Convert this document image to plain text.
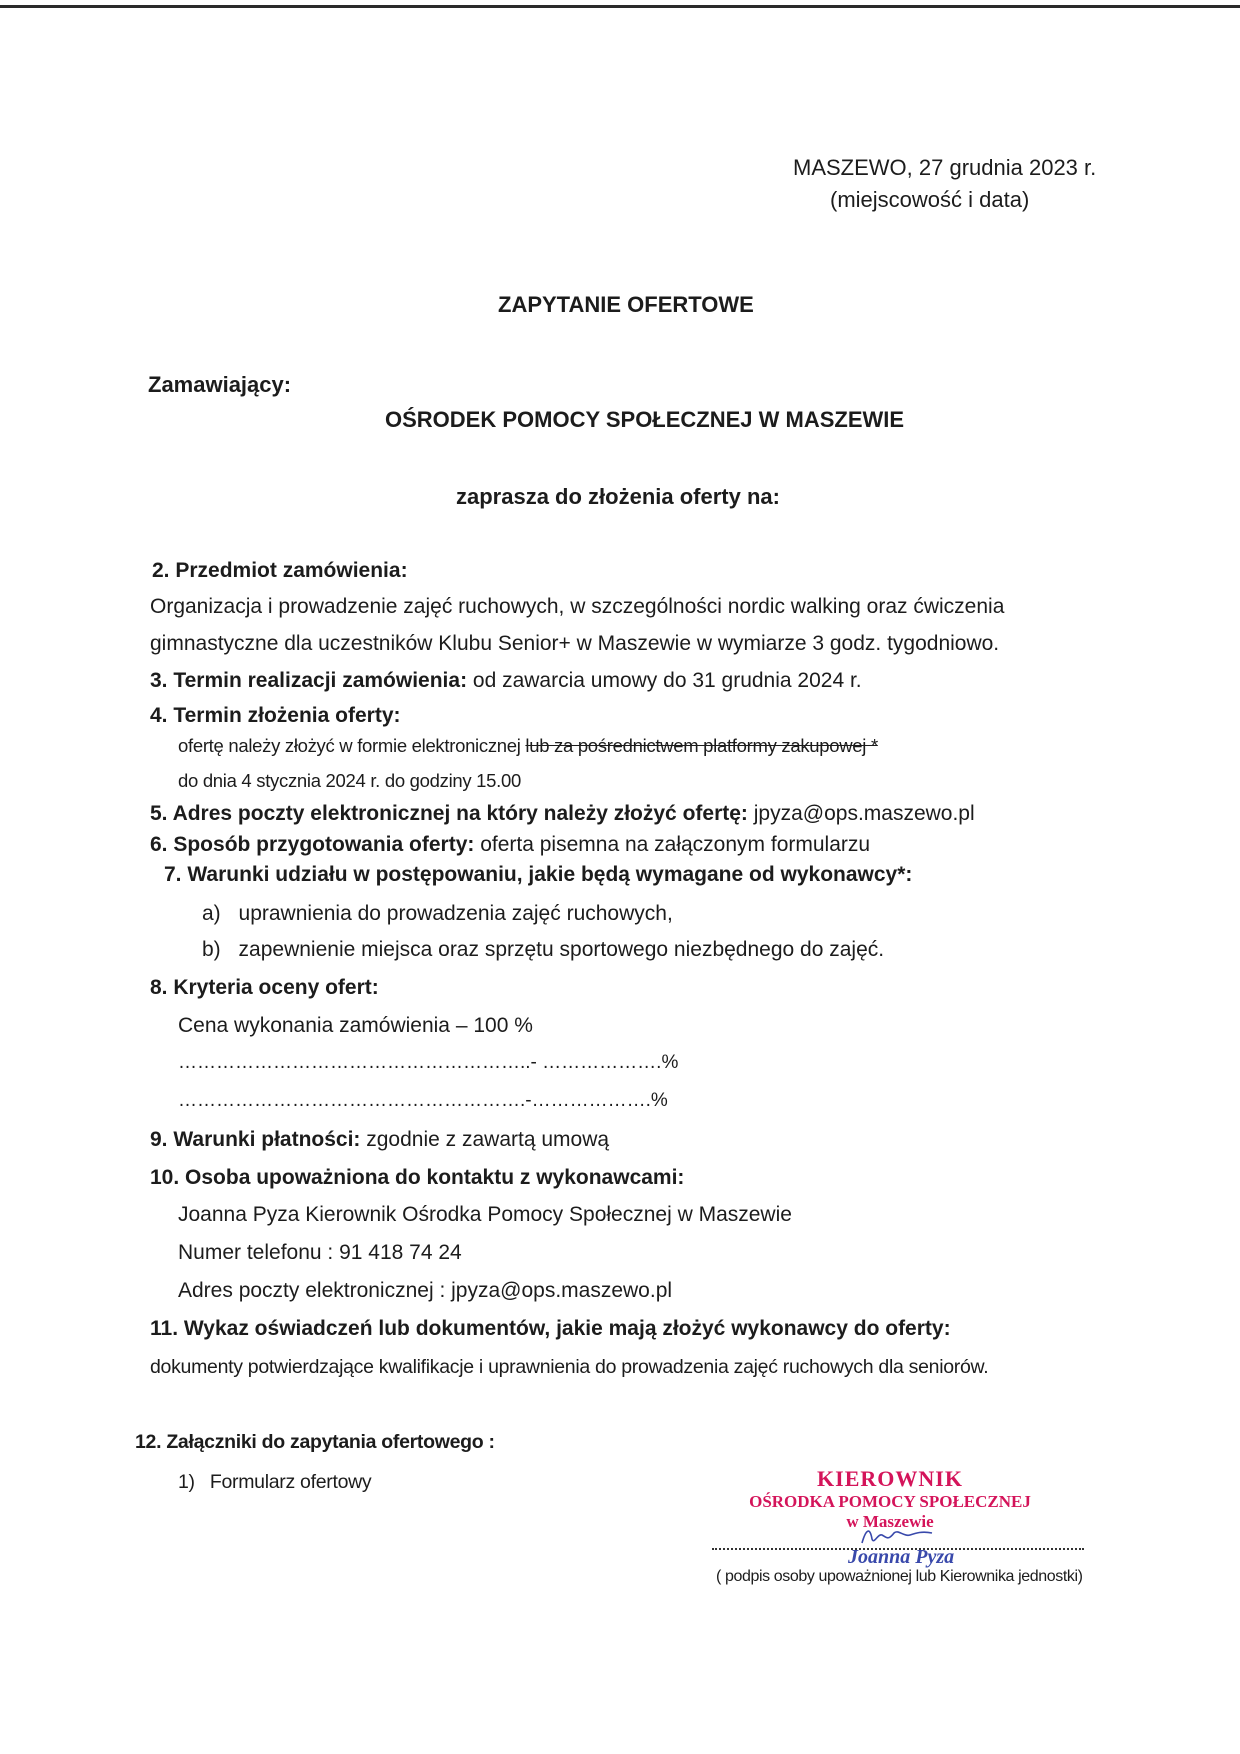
MASZEWO, 27 grudnia 2023 r.
(miejscowość i data)
ZAPYTANIE OFERTOWE
Zamawiający:
OŚRODEK POMOCY SPOŁECZNEJ W MASZEWIE
zaprasza do złożenia oferty na:
2. Przedmiot zamówienia:
Organizacja i prowadzenie zajęć ruchowych, w szczególności nordic walking oraz ćwiczenia
gimnastyczne dla uczestników Klubu Senior+ w Maszewie w wymiarze 3 godz. tygodniowo.
3. Termin realizacji zamówienia: od zawarcia umowy do 31 grudnia 2024 r.
4. Termin złożenia oferty:
ofertę należy złożyć w formie elektronicznej lub za pośrednictwem platformy zakupowej *
do dnia 4 stycznia 2024 r. do godziny 15.00
5. Adres poczty elektronicznej na który należy złożyć ofertę: jpyza@ops.maszewo.pl
6. Sposób przygotowania oferty: oferta pisemna na załączonym formularzu
7. Warunki udziału w postępowaniu, jakie będą wymagane od wykonawcy*:
a) uprawnienia do prowadzenia zajęć ruchowych,
b) zapewnienie miejsca oraz sprzętu sportowego niezbędnego do zajęć.
8. Kryteria oceny ofert:
Cena wykonania zamówienia – 100 %
………………………………………………..- ……………….%
……………………………………………….-……………….%
9. Warunki płatności: zgodnie z zawartą umową
10. Osoba upoważniona do kontaktu z wykonawcami:
Joanna Pyza Kierownik Ośrodka Pomocy Społecznej w Maszewie
Numer telefonu : 91 418 74 24
Adres poczty elektronicznej : jpyza@ops.maszewo.pl
11. Wykaz oświadczeń lub dokumentów, jakie mają złożyć wykonawcy do oferty:
dokumenty potwierdzające kwalifikacje i uprawnienia do prowadzenia zajęć ruchowych dla seniorów.
12. Załączniki do zapytania ofertowego :
1) Formularz ofertowy	KIEROWNIK
OŚRODKA POMOCY SPOŁECZNEJ
w Maszewie
Joanna Pyza
( podpis osoby upoważnionej lub Kierownika jednostki)
